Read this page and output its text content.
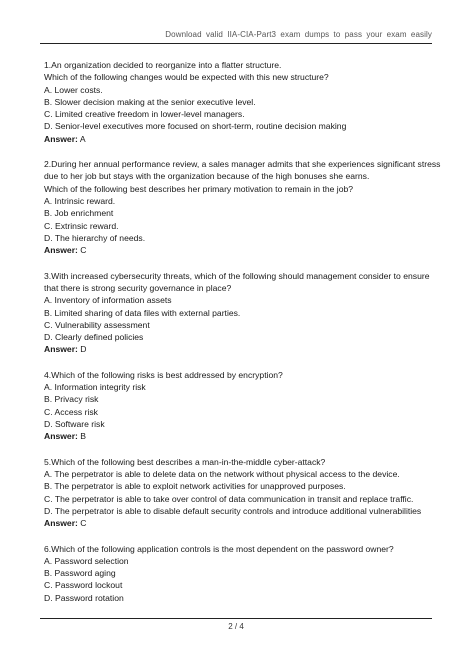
Download valid IIA-CIA-Part3 exam dumps to pass your exam easily
1.An organization decided to reorganize into a flatter structure.
Which of the following changes would be expected with this new structure?
A. Lower costs.
B. Slower decision making at the senior executive level.
C. Limited creative freedom in lower-level managers.
D. Senior-level executives more focused on short-term, routine decision making
Answer: A
2.During her annual performance review, a sales manager admits that she experiences significant stress
due to her job but stays with the organization because of the high bonuses she earns.
Which of the following best describes her primary motivation to remain in the job?
A. Intrinsic reward.
B. Job enrichment
C. Extrinsic reward.
D. The hierarchy of needs.
Answer: C
3.With increased cybersecurity threats, which of the following should management consider to ensure
that there is strong security governance in place?
A. Inventory of information assets
B. Limited sharing of data files with external parties.
C. Vulnerability assessment
D. Clearly defined policies
Answer: D
4.Which of the following risks is best addressed by encryption?
A. Information integrity risk
B. Privacy risk
C. Access risk
D. Software risk
Answer: B
5.Which of the following best describes a man-in-the-middle cyber-attack?
A. The perpetrator is able to delete data on the network without physical access to the device.
B. The perpetrator is able to exploit network activities for unapproved purposes.
C. The perpetrator is able to take over control of data communication in transit and replace traffic.
D. The perpetrator is able to disable default security controls and introduce additional vulnerabilities
Answer: C
6.Which of the following application controls is the most dependent on the password owner?
A. Password selection
B. Password aging
C. Password lockout
D. Password rotation
2 / 4
